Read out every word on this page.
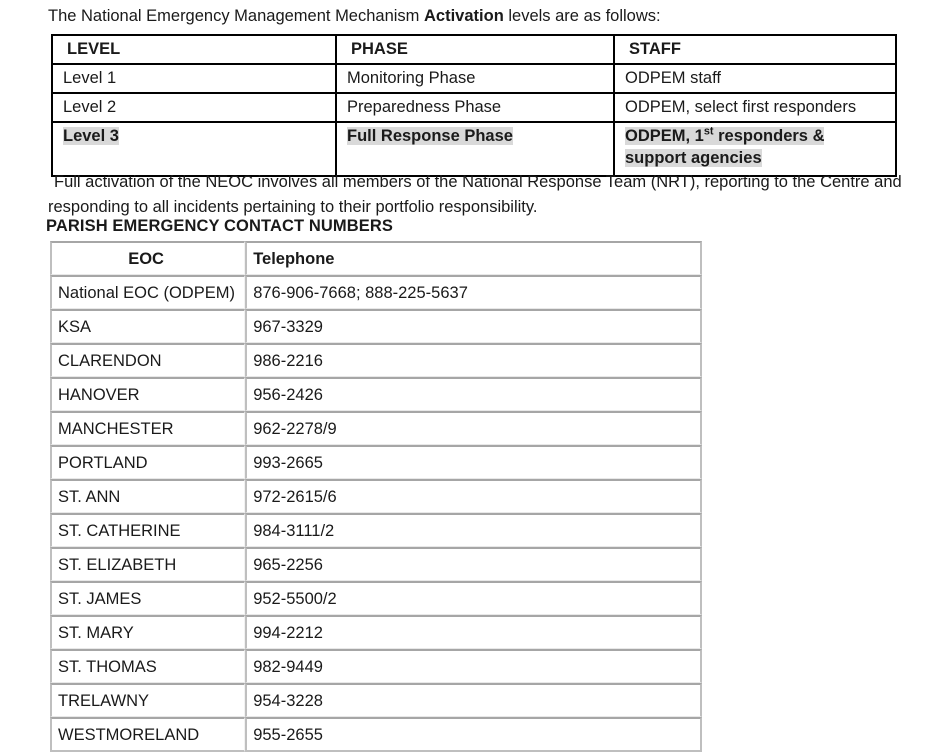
The National Emergency Management Mechanism Activation levels are as follows:
LEVEL	PHASE	STAFF
Level 1	Monitoring Phase	ODPEM staff
Level 2	Preparedness Phase	ODPEM, select first responders
Level 3	Full Response Phase	ODPEM, 1st responders &
support agencies
Full activation of the NEOC involves all members of the National Response Team (NRT), reporting to the Centre and responding to all incidents pertaining to their portfolio responsibility.
PARISH EMERGENCY CONTACT NUMBERS
EOC	Telephone
National EOC (ODPEM)	876-906-7668; 888-225-5637
KSA	967-3329
CLARENDON	986-2216
HANOVER	956-2426
MANCHESTER	962-2278/9
PORTLAND	993-2665
ST. ANN	972-2615/6
ST. CATHERINE	984-3111/2
ST. ELIZABETH	965-2256
ST. JAMES	952-5500/2
ST. MARY	994-2212
ST. THOMAS	982-9449
TRELAWNY	954-3228
WESTMORELAND	955-2655
